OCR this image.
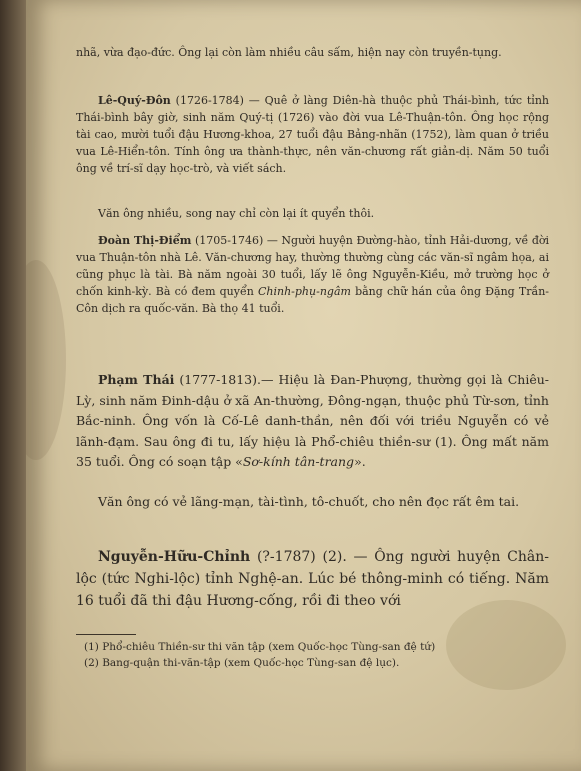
nhã, vừa đạo-đức. Ông lại còn làm nhiều câu sấm, hiện nay còn truyền-tụng.

Lê-Quý-Đôn (1726-1784) — Quê ở làng Diên-hà thuộc phủ Thái-bình, tức tỉnh Thái-bình bây giờ, sinh năm Quý-tị (1726) vào đời vua Lê-Thuận-tôn. Ông học rộng tài cao, mười tuổi đậu Hương-khoa, 27 tuổi đậu Bảng-nhãn (1752), làm quan ở triều vua Lê-Hiển-tôn. Tính ông ưa thành-thực, nên văn-chương rất giản-dị. Năm 50 tuổi ông về trí-sĩ dạy học-trò, và viết sách.

Văn ông nhiều, song nay chỉ còn lại ít quyển thôi.

Đoàn Thị-Điểm (1705-1746) — Người huyện Đường-hào, tỉnh Hải-dương, về đời vua Thuận-tôn nhà Lê. Văn-chương hay, thường thường cùng các văn-sĩ ngâm họa, ai cũng phục là tài. Bà năm ngoài 30 tuổi, lấy lẽ ông Nguyễn-Kiều, mở trường học ở chốn kinh-kỳ. Bà có đem quyển Chinh-phụ-ngâm bằng chữ hán của ông Đặng Trần-Côn dịch ra quốc-văn. Bà thọ 41 tuổi.

Phạm Thái (1777-1813).— Hiệu là Đan-Phượng, thường gọi là Chiêu-Lỳ, sinh năm Đinh-dậu ở xã An-thường, Đông-ngạn, thuộc phủ Từ-sơn, tỉnh Bắc-ninh. Ông vốn là Cố-Lê danh-thần, nên đối với triều Nguyễn có vẻ lãnh-đạm. Sau ông đi tu, lấy hiệu là Phổ-chiêu thiền-sư (1). Ông mất năm 35 tuổi. Ông có soạn tập «Sơ-kính tân-trang».

Văn ông có vẻ lãng-mạn, tài-tình, tô-chuốt, cho nên đọc rất êm tai.

Nguyễn-Hữu-Chỉnh (?-1787) (2). — Ông người huyện Chân-lộc (tức Nghi-lộc) tỉnh Nghệ-an. Lúc bé thông-minh có tiếng. Năm 16 tuổi đã thi đậu Hương-cống, rồi đi theo với

(1) Phổ-chiêu Thiền-sư thi văn tập (xem Quốc-học Tùng-san đệ tứ)
(2) Bang-quận thi-văn-tập (xem Quốc-học Tùng-san đệ lục).
